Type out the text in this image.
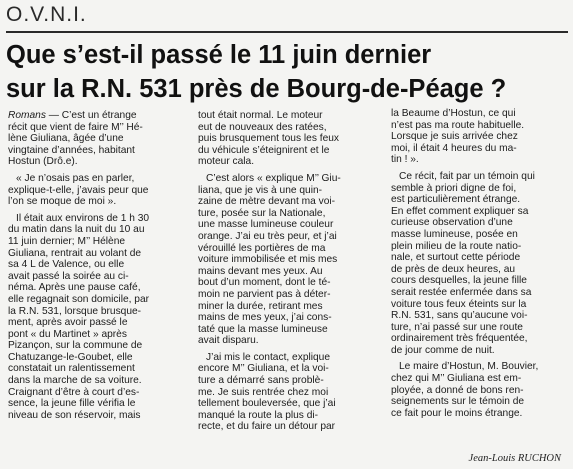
O.V.N.I.
Que s’est-il passé le 11 juin dernier
sur la R.N. 531 près de Bourg-de-Péage ?

Romans — C’est un étrange
récit que vient de faire M’’ Hé-
lène Giuliana, âgée d’une
vingtaine d’années, habitant
Hostun (Drô.e).

« Je n’osais pas en parler,
explique-t-elle, j’avais peur que
l’on se moque de moi ».

Il était aux environs de 1 h 30
du matin dans la nuit du 10 au
11 juin dernier; M’’ Hélène
Giuliana, rentrait au volant de
sa 4 L de Valence, ou elle
avait passé la soirée au ci-
néma. Après une pause café,
elle regagnait son domicile, par
la R.N. 531, lorsque brusque-
ment, après avoir passé le
pont « du Martinet » après
Pizançon, sur la commune de
Chatuzange-le-Goubet, elle
constatait un ralentissement
dans la marche de sa voiture.
Craignant d’être à court d’es-
sence, la jeune fille vérifia le
niveau de son réservoir, mais

tout était normal. Le moteur
eut de nouveaux des ratées,
puis brusquement tous les feux
du véhicule s’éteignirent et le
moteur cala.

C’est alors « explique M’’ Giu-
liana, que je vis à une quin-
zaine de mètre devant ma voi-
ture, posée sur la Nationale,
une masse lumineuse couleur
orange. J’ai eu très peur, et j’ai
vérouillé les portières de ma
voiture immobilisée et mis mes
mains devant mes yeux. Au
bout d’un moment, dont le té-
moin ne parvient pas à déter-
miner la durée, retirant mes
mains de mes yeux, j’ai cons-
taté que la masse lumineuse
avait disparu.

J’ai mis le contact, explique
encore M’’ Giuliana, et la voi-
ture a démarré sans problè-
me. Je suis rentrée chez moi
tellement bouleversée, que j’ai
manqué la route la plus di-
recte, et du faire un détour par

la Beaume d’Hostun, ce qui
n’est pas ma route habituelle.
Lorsque je suis arrivée chez
moi, il était 4 heures du ma-
tin ! ».

Ce récit, fait par un témoin qui
semble à priori digne de foi,
est particulièrement étrange.
En effet comment expliquer sa
curieuse observation d’une
masse lumineuse, posée en
plein milieu de la route natio-
nale, et surtout cette période
de près de deux heures, au
cours desquelles, la jeune fille
serait restée enfermée dans sa
voiture tous feux éteints sur la
R.N. 531, sans qu’aucune voi-
ture, n’ai passé sur une route
ordinairement très fréquentée,
de jour comme de nuit.

Le maire d’Hostun, M. Bouvier,
chez qui M’’ Giuliana est em-
ployée, a donné de bons ren-
seignements sur le témoin de
ce fait pour le moins étrange.

Jean-Louis RUCHON
